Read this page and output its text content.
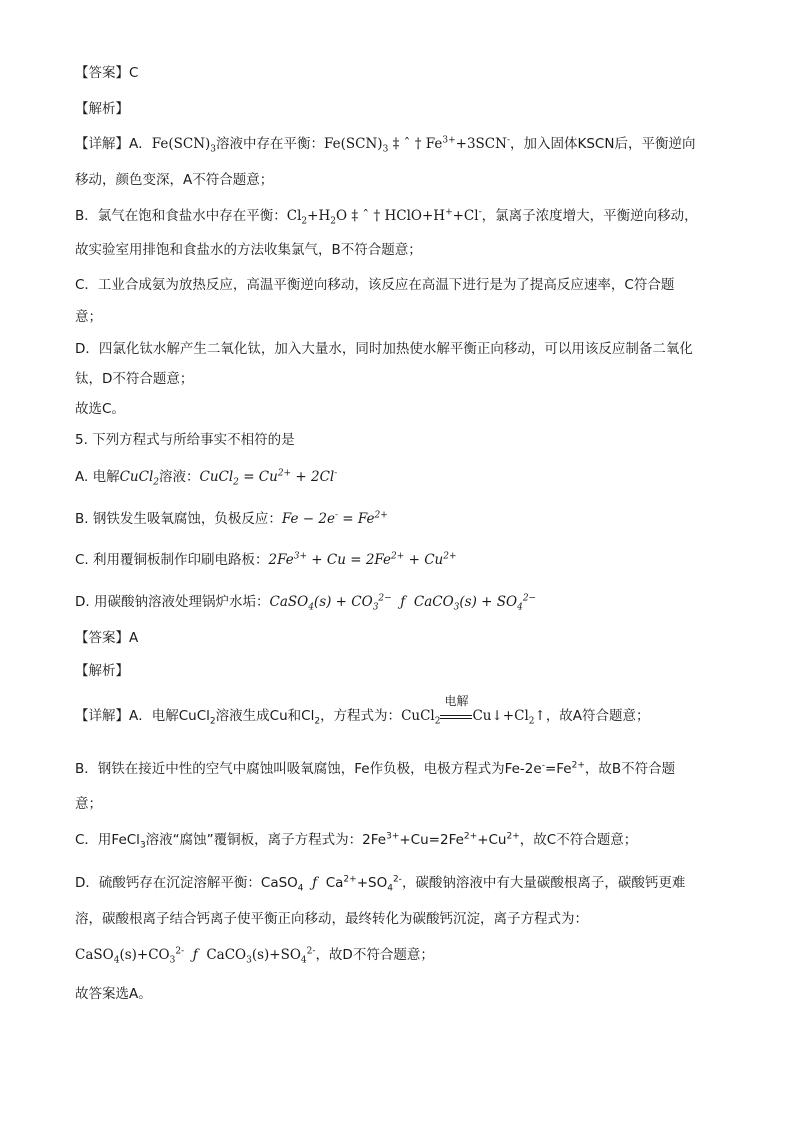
【答案】C
【解析】
【详解】A．$Fe(SCN)_3$溶液中存在平衡：$Fe(SCN)_3$ ‡ ˆ † $Fe^{3+}+3SCN^-$，加入固体KSCN后，平衡逆向
移动，颜色变深，A不符合题意；
B．氯气在饱和食盐水中存在平衡：$Cl_2+H_2O$ ‡ ˆ † HClO+H++Cl-，氯离子浓度增大，平衡逆向移动，
故实验室用排饱和食盐水的方法收集氯气，B不符合题意；
C．工业合成氨为放热反应，高温平衡逆向移动，该反应在高温下进行是为了提高反应速率，C符合题
意；
D．四氯化钛水解产生二氧化钛，加入大量水，同时加热使水解平衡正向移动，可以用该反应制备二氧化
钛，D不符合题意；
故选C。
5. 下列方程式与所给事实不相符的是
A. 电解CuCl$_2$溶液：CuCl$_2$ = $Cu^{2+} + 2Cl^-$
B. 钢铁发生吸氧腐蚀，负极反应：$Fe - 2e^- = Fe^{2+}$
C. 利用覆铜板制作印刷电路板：$2Fe^{3+} + Cu = 2Fe^{2+} + Cu^{2+}$
D. 用碳酸钠溶液处理锅炉水垢：CaSO$_4$(s) + $CO_3^{2-}$ ƒ CaCO$_3$(s) + $SO_4^{2-}$
【答案】A
【解析】
【详解】A．电解CuCl$_2$溶液生成Cu和$Cl_2$，方程式为：CuCl$_2$
电解
$Cu↓+Cl_2↑$，故A符合题意；
B．钢铁在接近中性的空气中腐蚀叫吸氧腐蚀，Fe作负极，电极方程式为$Fe-2e^-=Fe^{2+}$，故B不符合题
意；
C．用FeCl$_3$溶液“腐蚀”覆铜板，离子方程式为：$2Fe^{3+}+Cu=2Fe^{2+}+Cu^{2+}$，故C不符合题意；
D．硫酸钙存在沉淀溶解平衡：CaSO$_4$ ƒ $Ca^{2+}+SO_4^{2-}$，碳酸钠溶液中有大量碳酸根离子，碳酸钙更难
溶，碳酸根离子结合钙离子使平衡正向移动，最终转化为碳酸钙沉淀，离子方程式为：
$CaSO_4(s)+CO_3^{2-}$ ƒ $CaCO_3(s)+SO_4^{2-}$，故D不符合题意；
故答案选A。
